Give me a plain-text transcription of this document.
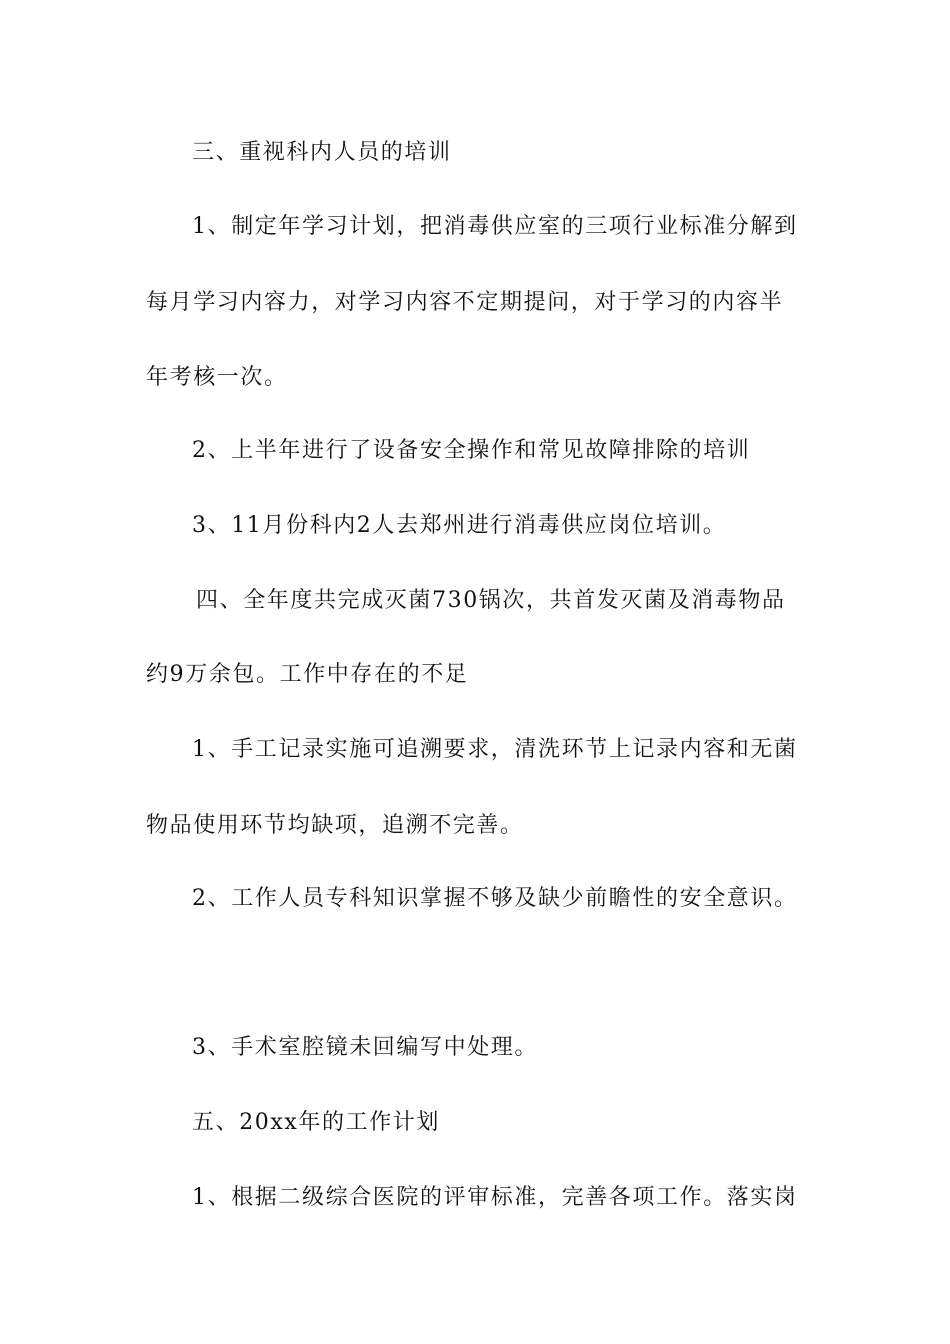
三、重视科内人员的培训
1、制定年学习计划，把消毒供应室的三项行业标准分解到
每月学习内容力，对学习内容不定期提问，对于学习的内容半
年考核一次。
2、上半年进行了设备安全操作和常见故障排除的培训
3、11月份科内2人去郑州进行消毒供应岗位培训。
四、全年度共完成灭菌730锅次，共首发灭菌及消毒物品
约9万余包。工作中存在的不足
1、手工记录实施可追溯要求，清洗环节上记录内容和无菌
物品使用环节均缺项，追溯不完善。
2、工作人员专科知识掌握不够及缺少前瞻性的安全意识。
3、手术室腔镜未回编写中处理。
五、20xx年的工作计划
1、根据二级综合医院的评审标准，完善各项工作。落实岗
